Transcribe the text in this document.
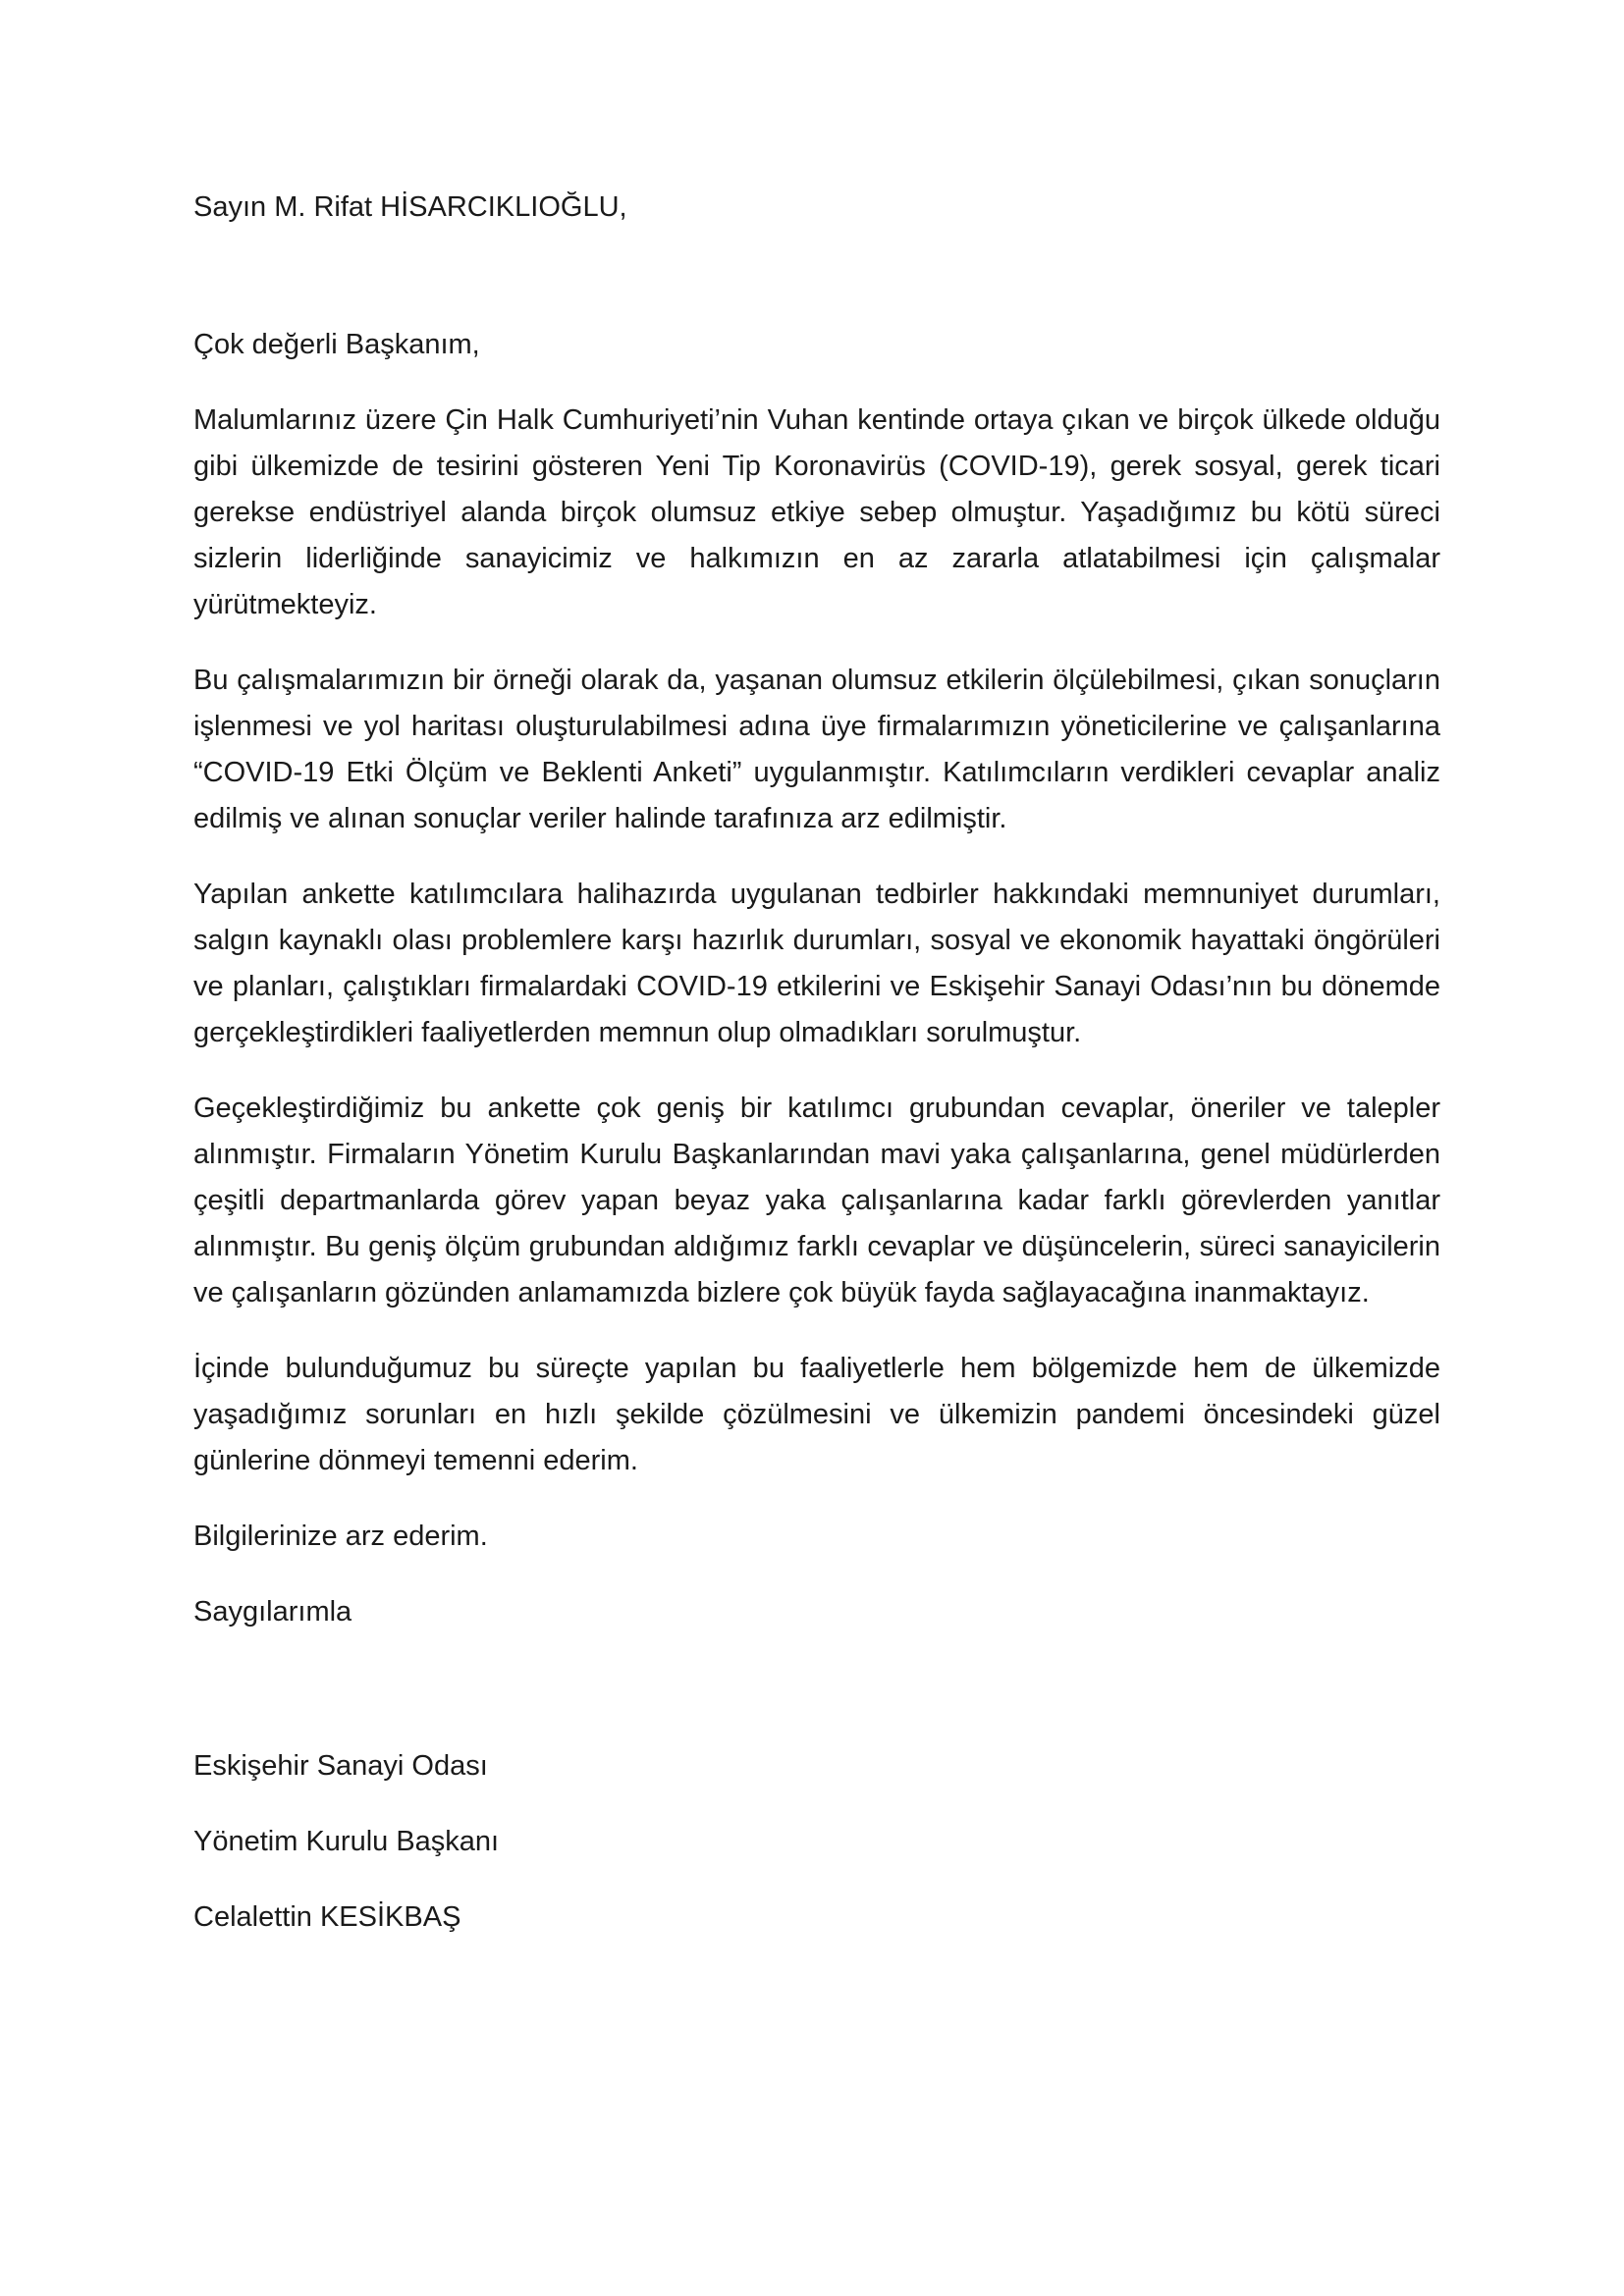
Sayın M. Rifat HİSARCIKLIOĞLU,

Çok değerli Başkanım,

Malumlarınız üzere Çin Halk Cumhuriyeti’nin Vuhan kentinde ortaya çıkan ve birçok ülkede olduğu gibi ülkemizde de tesirini gösteren Yeni Tip Koronavirüs (COVID-19), gerek sosyal, gerek ticari gerekse endüstriyel alanda birçok olumsuz etkiye sebep olmuştur. Yaşadığımız bu kötü süreci sizlerin liderliğinde sanayicimiz ve halkımızın en az zararla atlatabilmesi için çalışmalar yürütmekteyiz.

Bu çalışmalarımızın bir örneği olarak da, yaşanan olumsuz etkilerin ölçülebilmesi, çıkan sonuçların işlenmesi ve yol haritası oluşturulabilmesi adına üye firmalarımızın yöneticilerine ve çalışanlarına “COVID-19 Etki Ölçüm ve Beklenti Anketi” uygulanmıştır. Katılımcıların verdikleri cevaplar analiz edilmiş ve alınan sonuçlar veriler halinde tarafınıza arz edilmiştir.

Yapılan ankette katılımcılara halihazırda uygulanan tedbirler hakkındaki memnuniyet durumları, salgın kaynaklı olası problemlere karşı hazırlık durumları, sosyal ve ekonomik hayattaki öngörüleri ve planları, çalıştıkları firmalardaki COVID-19 etkilerini ve Eskişehir Sanayi Odası’nın bu dönemde gerçekleştirdikleri faaliyetlerden memnun olup olmadıkları sorulmuştur.

Geçekleştirdiğimiz bu ankette çok geniş bir katılımcı grubundan cevaplar, öneriler ve talepler alınmıştır. Firmaların Yönetim Kurulu Başkanlarından mavi yaka çalışanlarına, genel müdürlerden çeşitli departmanlarda görev yapan beyaz yaka çalışanlarına kadar farklı görevlerden yanıtlar alınmıştır. Bu geniş ölçüm grubundan aldığımız farklı cevaplar ve düşüncelerin, süreci sanayicilerin ve çalışanların gözünden anlamamızda bizlere çok büyük fayda sağlayacağına inanmaktayız.

İçinde bulunduğumuz bu süreçte yapılan bu faaliyetlerle hem bölgemizde hem de ülkemizde yaşadığımız sorunları en hızlı şekilde çözülmesini ve ülkemizin pandemi öncesindeki güzel günlerine dönmeyi temenni ederim.

Bilgilerinize arz ederim.

Saygılarımla

Eskişehir Sanayi Odası

Yönetim Kurulu Başkanı

Celalettin KESİKBAŞ
